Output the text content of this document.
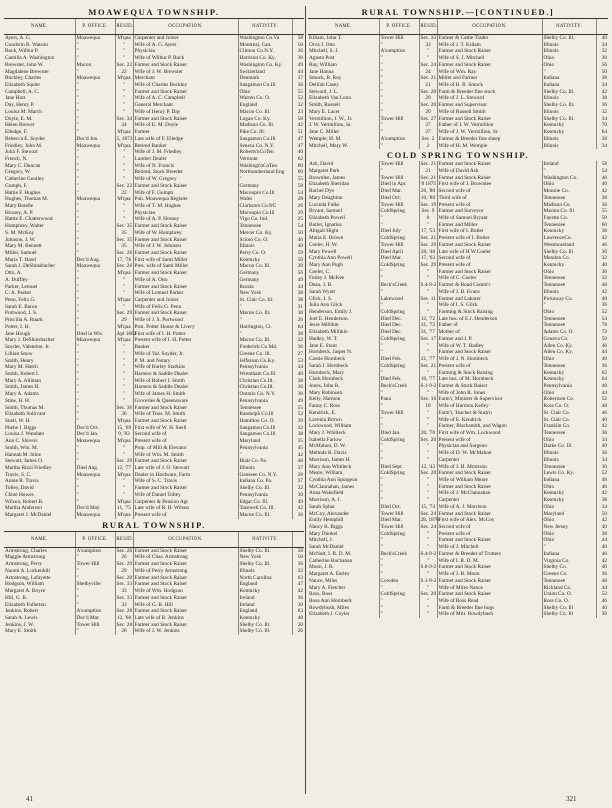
MOAWEQUA TOWNSHIP.
NAME.	P. OFFICE.	RESID.	OCCUPATION.	NATIVITY.	
Ayers, A. G.	Moawequa	M'qua	Carpenter and Joiner	Washington Co.Va	58
Goodwin B. Watson	"	"	Wife of A. G. Ayers	Montreal, Can.	50
Buck, Wilbur P.	"	"	Physician	Clinton Co.N.Y.	36
Camilla A. Washington	"	"	Wife of Wilbur P. Buck	Harrison Co. Ky.	36
Brewster, John W.	Macon	Sec. 22	Farmer and Stock Raiser	Washington Co. Ky.	49
Magdalene Brewster	"	22	Wife of J. W. Brewster	Switzerland	44
Buckley, Charles	Moawequa	M'qua	Merchant	Denmark	37
Elizabeth Squier	"	"	Wife of Charles Buckley	Sangamon Co.Ill	36
Campbell, A. C.	"	"	Farmer and Stock Raiser	Ohio	55
Jane Hurt	"	"	Wife of A. C. Campbell	Warren Co. O.	52
Day, Henry P.	"	"	General Merchant	England	32
Louisa M. March	"	"	Wife of Henry P. Day	Macon Co. Ill.	23
Doyle, E. M.	"	Sec. 34	Farmer and Stock Raiser	Logan Co. Ky.	58
Helen Brewer	"	34	Wife of E. M. Doyle	Madison Co. Ill.	42
Elledge, F.	"	M'qua	Farmer	Pike Co. Ill.	51
Rebecca E. Snyder	Dec'd Jun.	5, 1873	Late wife of F. Elledge	Sangamon Co.Ill	47
Friedley, John M.	Moawequa	M'qua	Retired Banker	Seneca Co. N.Y.	47
Julia F. Stewart	"	"	Wife of J. M. Friedley	Roberts'nCoTen	40
French, N.	"	"	Lumber Dealer	Vermont	62
Mary C. Duncan	"	"	Wife of N. Francis	Washingt'nCoTen	60
Gregory, W.	"	"	Retired, Stock Breeder	Northumberland Eng	60
Catherine Gootley	"	"	Wife of W. Gregory	"	55
Gumph, F.	"	Sec. 22	Farmer and Stock Raiser	Germany	58
Hattie F. Hughes	"	22	Wife of F. Gumph	Macoupin Co.Ill	54
Hughes, Thomas M.	Moawequa	M'qua	Pub. Moawequa Register	Wales	28
Mary Botelle	"	"	Wife of T. M. Hughes	Clarkston Co.NC	26
Hoxsey, A. P.	"	"	Physician	Macoupin Co.Ill	29
Hattie E. Chatterwood	"	"	Wife of A. P. Hoxsey	Vigo Co. Ind.	25
Humphrey, Walter	"	Sec. 35	Farmer and Stock Raiser	Tennessee	54
S. M. McKoy	"	35	Wife of W. Humphrey	Mercer Co. Ky.	50
Johnson, J. W.	"	Sec. 35	Farmer and Stock Raiser	Scioto Co. O.	46
Mary M. Bennett	"	35	Wife of J. W. Johnson	Illinois	40
Miller, Samuel	"	Sec. 26	Farmer and Stock Raiser	Perry Co. O.	59
Maria T. Hand	Dec'd Aug.	17, '76	First wife of Saml Miller	Kentucky	50
Sarah J. DeShinsbacher	Moawequa	Sec. 26	Pres. wife of Saml Miller	Macon Co. Ill.	39
Otto, A.	"	M'qua	Farmer and Stock Raiser	Germany	56
A. Duffley	"	"	Wife of A. Otto	Germany	49
Parker, Lemuel	"	"	Farmer and Stock Raiser	Russia	44
C. A. Parker	"	"	Wife of Lemuel Parker	New York	38
Penn, Felix G.	"	M'qua	Carpenter and Joiner	St. Clair Co. Ill.	38
Sarah E. Baron	"	"	Wife of Felix G. Penn	"	31
Portwood, J. S.	"	Sec. 29	Farmer and Stock Raiser	Macon Co. Ill.	30
Priscilla A. Ruark	"	29	Wife of J. S. Portwood	"	26
Potter, I. H.	"	M'qua	Post. Potter House & Livery	Harrington, Ct.	64
Jane Hough	Died in Wis.	Apl 1862	First wife of I. H. Potter	"	38
Mary J. DeShinsbacher	Moawequa	M'qua	Present wife of I. H. Potter	Macon Co. Ill.	32
Snyder, Valentine, Jr.	"	"	Banker	Frederick Co.Md.	36
Lillian Snow	"	"	Wife of Val. Snyder, Jr.	Greene Co. Ill.	27
Smith, Henry	"	"	P. M. and Notary	Jefferson Co.Ky.	53
Mary M. Hatch	"	"	Wife of Burley Starkins	Pennsylvania	34
Smith, Robert I.	"	"	Harness & Saddle Dealer	Wrentham Co.Ill	40
Mary A. Alliman	"	"	Wife of Robert I. Smith	Christian Co.Ill.	38
Smith, James H.	"	"	Harness & Saddle Dealer	Christian Co.Ill.	36
Mary A. Adams	"	"	Wife of James H. Smith	Ontario Co. N.Y.	36
Stine, H. H.	"	"	Groceries & Queensware	Pennsylvania	49
Smith, Thomas M.	"	Sec. 36	Farmer and Stock Raiser	Tennessee	55
Elizabeth Sullivant	"	36	Wife of Thos. M. Smith	Randolph Co.Ill	52
Snell, W. H.	"	M'qua	Farmer and Stock Raiser	Hamilton Co. O.	39
Phebe J. Biggs	Dec'd Oct.	15, '69	First wife of W. H. Snell	Sangamon Co.Ill	32
Louisa J. Wandam	Dec'd Jan.	9, '83	Second wife of	Sangamon Co.Ill	38
Ann C. Shivers	Moawequa	M'qua	Present wife of	Maryland	35
Smith, Wm. M.	"	"	Prop. of Mill & Elevator	Pennsylvania	45
Hannah M. Stine	"	"	Wife of Wm. M. Smith	"	42
Stewart, James O.	"	Sec. 29	Farmer and Stock Raiser	Blair Co. Pa.	48
Martha Rizzi Friedley	Died Aug.	12, '77	Late wife of J. O. Stewart	Illinois	37
Travis, S. C.	Moawequa	M'qua	Dealer in Hardware, Farm	Genesee Co. N.Y.	28
Annie R. Travis	"	"	Wife of S. C. Travis	Indiana Co. Pa.	37
Tolley, David	"	"	Farmer and Stock Raiser	Shelby Co. Ill.	32
Chloe Howes	"	"	Wife of Daniel Tolley	Pennsylvania	30
Wilson, Robert B.	"	M'qua	Carpenter & Pension Agt	Edgar Co. Ill.	49
Martha Anderson	Dec'd May	11, '75	Late wife of R. B. Wilson	Tazewell Co. Ill.	42
Margaret J. McDaniel	Moawequa	M'qua	Present wife of	Macon Co. Ill.	36
RURAL TOWNSHIP.
NAME.	P. OFFICE.	RESID.	OCCUPATION.	NATIVITY.	
Armstrong, Charles	A'sumption	Sec. 26	Farmer and Stock Raiser	Shelby Co. Ill.	58
Maggie Armstrong	"	26	Wife of Chas. Armstrong	New York	50
Armstrong, Perry	Tower Hill	Sec. 29	Farmer and Stock Raiser	Shelby Co. Ill.	36
Naomi A. Luckenbill	"	29	Wife of Perry Armstrong	Illinois	33
Armstrong, Lafayette	"	Sec. 28	Farmer and Stock Raiser	North Carolina	63
Hodgson, William	Shelbyville	Sec. 33	Farmer and Stock Raiser	England	47
Margaret A. Boyce	"	33	Wife of Wm. Hodgson	Kentucky	42
Hill, G. B.	"	Sec. 33	Farmer and Stock Raiser	Ireland	36
Elizabeth Fullerton	"	33	Wife of G. B. Hill	Ireland	30
Jenkins, Robert	A'sumption	Sec. 28	Farmer and Stock Raiser	England	63
Sarah A. Lewis	Dec'd Mar.	12, '68	Late wife of R. Jenkins	Kentucky	48
Jenkins, J. W.	Tower Hill	Sec. 28	Farmer and Stock Raiser	Shelby Co. Ill.	30
Mary E. Smith	"	28	Wife of J. W. Jenkins	Shelby Co. Ill.	26
RURAL TOWNSHIP.—[CONTINUED.]
NAME.	P. OFFICE.	RESID.	OCCUPATION.	NATIVITY.	
Killam, John T.	Tower Hill	Sec. 33	Farmer & Cattle Trader	Shelby Co. Ill.	40
Orva J. Otto	"	33	Wife of J. T. Killam	Illinois	34
Mitchell, S. J.	A'sumption	"	Farmer and Stock Raiser	Illinois	32
Agusta Post	"	"	Wife of S. J. Mitchell	Ohio	30
Ray, William	"	Sec. 24	Farmer and Stock Raiser	Ohio	56
Jane Hanna	"	24	Wife of Wm. Ray	"	50
Smock, B. Roy	"	Sec. 21	Miller and Farmer	Indiana	38
Delilah Casey	"	21	Wife of B. R. Smock	Indiana	34
Steward, J. L.	"	Sec. 20	Farm & Breeder fine stock	Shelby Co. Ill.	42
Elizabeth Van Loon	"	20	Wife of J. L. Steward	Illinois	38
Smith, Russell	"	Sec. 20	Farmer and Supervisor	Shelby Co. Ill.	36
Mary E. Lacer	"	20	Wife of Russell Smith	Illinois	32
Vermillion, J. W., Jr.	Tower Hill	Sec. 27	Farmer and Stock Raiser	Shelby Co. Ill.	34
J. W. Vermillion, Sr.	"	27	Father of J. W. Vermillion	Kentucky	70
Jane C. Miller	"	27	Wife of J. W. Vermillion, Sr.	Kentucky	64
Wemple, H. M.	A'sumption	Sec. 2	Farmer & Breeder fine sheep	Illinois	38
Mitchell, Mary W.	"	2	Wife of H. M. Wemple	Illinois	34
COLD SPRING TOWNSHIP.
Ash, David	Tower Hill	Sec. 21	Farmer and Stock Raiser	Ireland	58
Margaret Park	"	21	Wife of David Ash	"	54
Brownlee, James	Tower Hill	Sec. 21	Farmer and Stock Raiser	Washington Co.	46
Elizabeth Sheridan	Died in Apr.	'8 1875	First wife of J. Brownlee	Ohio	40
Rachel Dye	Died Mar.	26, '80	Second wife of	Monroe Co.	42
Mary Deaghton	Died Oct.	10, '80	Third wife of	Tennessee	38
Lucinda Fulks	Tower Hill	Sec. 19	Present wife of	Madison Co.	36
Bryant, Samuel	ColdSpring	Sec. 9	Farmer and Surveyor	Marion Co. Ill	55
Elizabeth Powell	"	9	Wife of Samuel Bryant	Fayette Co.	50
Butler, Ignatius	"	"	Farmer and Miller	Tennessee	60
Abigail Hight	Died July	17, '53	First wife of I. Butler	Kentucky	38
Maria E. Brown	ColdSpring	Sec. 21	Present wife of I. Butler	LawrenceCo.	42
Coeler, H. W.	Tower Hill	Sec. 29	Farmer and Stock Raiser	Westmoreland	46
Mary Powell	Died April	28, '48	Late wife of H.W.Coeler	Shelby Co. Ill	30
Cynthia Ann Powell	Died Mar.	17, '63	Second wife of	Mendon Co.	32
Mary Ann Pugh	ColdSpring	Sec. 29	Present wife of	Kentucky	40
Coeler, C.	"	"	Farmer and Stock Raiser	Ohio	36
Finley J. McKee	"	"	Wife of C. Coeler	Tennessee	32
Dean, J. B.	Beck'sCreek	S.4-9-2	Farmer & Road Comm'r	Tennessee	48
Sarah Wyatt	"	"	Wife of J. B. Evans	Illinois	42
Glick, I. S.	Lakewood	Sec. 11	Farmer and Laborer	Pickaway Co.	40
Julia Ann Glick	"	"	Wife of I. S. Glick	"	36
Henderson, Emily J.	ColdSpring	"	Farming & Stock Raising	Ohio	52
Joel E. Henderson	Died Dec.	12, '72	Late hus. of E.J. Henderson	Tennessee	54
Jesse Millikin	Died Dec.	31, '72	Father of	Tennessee	78
Elizabeth Millikin	Died Dec.	31, '77	Mother of	Adams Co. O.	72
Hadley, W. T.	ColdSpring	Sec. 17	Farmer and J. P.	Geneva Co.	50
Jane E. Stout	"	"	Wife of W. T. Hadley	Allen Co. Ky.	46
Hornbeck, Jasper N.	"	"	Farmer and Stock Raiser	Allen Co. Ky.	44
Cassie Hornbeck	Died Feb.	21, '77	Wife of J. N. Hornbeck	Ohio	40
Sarah J. Hornbeck	ColdSpring	Sec. 21	Present wife of	Tennessee	36
Hornbeck, Mary	"	"	Farming & Stock Raising	Kentucky	62
Clark Hornbeck	Died Feb.	10, '77	Late hus. of M. Hornbeck	Kentucky	64
Jones, John R.	Beck'sCreek	S.1-9-2	Farmer & Stock Raiser	Pennsylvania	48
Mary Robinson	"	"	Wife of John R. Jones	Ohio	44
Kelly, Harmon	Pana	Sec. 16	Farm'r, Minister & Supervisor	Robertson Co.	52
Fanny C. Ross	"	16	Wife of Harmon Kelley	Ross Co. O.	48
Kendrick, E.	Tower Hill	"	Farm'r, Teacher & Surp'n	St. Clair Co.	46
Lavenia Brown	"	"	Wife of E. Kendrick	St. Clair Co.	40
Lockwood, William	"	"	Farmer, Blacksmith, and Wagon	Franklin Co.	42
Mary J. Whitleck	Died Jan.	20, '70	First wife of Wm. Lockwood	Tennessee	36
Isabella Farlow	ColdSpring	Sec. 20	Present wife of	Ohio	34
McMahon, D. W.	"	"	Physician and Surgeon	Darke Co. Ill	40
Melinda R. Davis	"	"	Wife of D. W. McMahon	Illinois	36
Morrison, James H.	"	"	Carpenter	Illinois	34
Mary Ann Whitleck	Died Sept.	12, '43	Wife of J. H. Morrison	Tennessee	30
Meare, William	ColdSpring	Sec. 20	Farmer and Stock Raiser	Lewis Co. Ky.	52
Cynthia Ann Spurgeon	"	"	Wife of William Meare	Indiana	48
McClannahan, James	"	"	Farmer and Stock Raiser	Ohio	46
Anna Wakefield	"	"	Wife of J. McClannahan	Kentucky	42
Morrison, A. J.	"	"	Carpenter	Kentucky	38
Sarah Sphar	Died Oct.	15, '74	Wife of A. J. Morrison	Ohio	34
McCoy, Alexander	Tower Hill	Sec. 24	Farmer and Stock Raiser	Maryland	50
Emily Hemphill	Died Mar.	28, 1870	First wife of Alex. McCoy	Ohio	42
Nancy B. Biggs	Tower Hill	Sec. 24	Second wife of	New Jersey	40
Mary Dunkel	ColdSpring	"	Present wife of	Ohio	38
Mitchell, J.	"	"	Farmer and Stock Raiser	Ohio	44
Sarah McDaniel	"	"	Wife of J. Mitchell	"	40
McNutt, I. R. D. M.	Beck'sCreek	S.4-9-2	Farmer & Breeder of Trotters	Indiana	46
Catherine Buchanan	"	"	Wife of I. R. D. M.	Virginia Co.	42
Moon, J. B.	"	S.8-9-2	Farmer and Stock Raiser	Shelby Co.	40
Margaret A. Earley	"	"	Wife of J. B. Moon	Greene Co.	36
Nance, Miles	Cowden	S.1-9-2	Farmer and Stock Raiser	Tennessee	48
Mary A. Fletcher	"	"	Wife of Miles Nance	Richland Co.	44
Ross, Ross	ColdSpring	Sec. 29	Farmer and Stock Raiser	Union Co. O.	52
Rosa Ann Hornbeck	"	"	Wife of Ross Read	Ross Co. O.	46
Rowdybush, Miles	"	"	Farm & Breeder fine hogs	Shelby Co. Ill	40
Elizabeth J. Coyler	"	"	Wife of Milt. Rowdybush	Shelby Co. Ill	36
41	321
